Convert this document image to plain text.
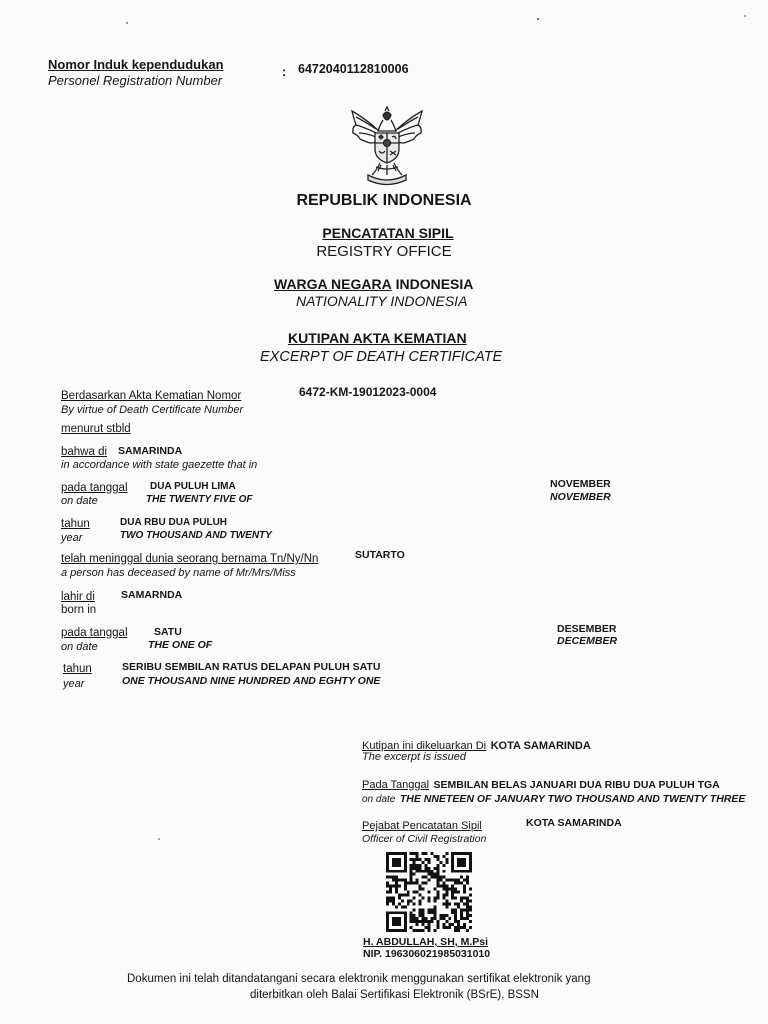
Nomor Induk kependudukan
Personel Registration Number
: 6472040112810006
REPUBLIK INDONESIA
PENCATATAN SIPIL
REGISTRY OFFICE
WARGA NEGARA INDONESIA
NATIONALITY INDONESIA
KUTIPAN AKTA KEMATIAN
EXCERPT OF DEATH CERTIFICATE
Berdasarkan Akta Kematian Nomor
By virtue of Death Certificate Number
6472-KM-19012023-0004
menurut stbld
bahwa di SAMARINDA
in accordance with state gaezette that in
pada tanggal DUA PULUH LIMA
on date	THE TWENTY FIVE OF
NOVEMBER
NOVEMBER
tahun	DUA RBU DUA PULUH
year	TWO THOUSAND AND TWENTY
telah meninggal dunia seorang bernama Tn/Ny/Nn	SUTARTO
a person has deceased by name of Mr/Mrs/Miss
lahir di SAMARNDA
born in
pada tanggal	SATU
on date	THE ONE OF
DESEMBER
DECEMBER
tahun	SERIBU SEMBILAN RATUS DELAPAN PULUH SATU
year	ONE THOUSAND NINE HUNDRED AND EGHTY ONE
Kutipan ini dikeluarkan Di KOTA SAMARINDA
The excerpt is issued
Pada Tanggal SEMBILAN BELAS JANUARI DUA RIBU DUA PULUH TGA
on date THE NNETEEN OF JANUARY TWO THOUSAND AND TWENTY THREE
Pejabat Pencatatan Sipil	KOTA SAMARINDA
Officer of Civil Registration
H. ABDULLAH, SH, M.Psi
NIP. 196306021985031010
Dokumen ini telah ditandatangani secara elektronik menggunakan sertifikat elektronik yang
diterbitkan oleh Balai Sertifikasi Elektronik (BSrE), BSSN
